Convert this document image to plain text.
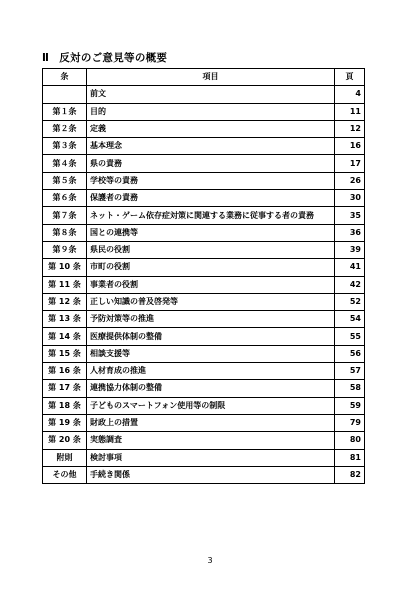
Ⅱ 反対のご意見等の概要
条	項目	頁
	前文	4
第１条	目的	11
第２条	定義	12
第３条	基本理念	16
第４条	県の責務	17
第５条	学校等の責務	26
第６条	保護者の責務	30
第７条	ネット・ゲーム依存症対策に関連する業務に従事する者の責務	35
第８条	国との連携等	36
第９条	県民の役割	39
第 10 条	市町の役割	41
第 11 条	事業者の役割	42
第 12 条	正しい知識の普及啓発等	52
第 13 条	予防対策等の推進	54
第 14 条	医療提供体制の整備	55
第 15 条	相談支援等	56
第 16 条	人材育成の推進	57
第 17 条	連携協力体制の整備	58
第 18 条	子どものスマートフォン使用等の制限	59
第 19 条	財政上の措置	79
第 20 条	実態調査	80
附則	検討事項	81
その他	手続き関係	82
3
